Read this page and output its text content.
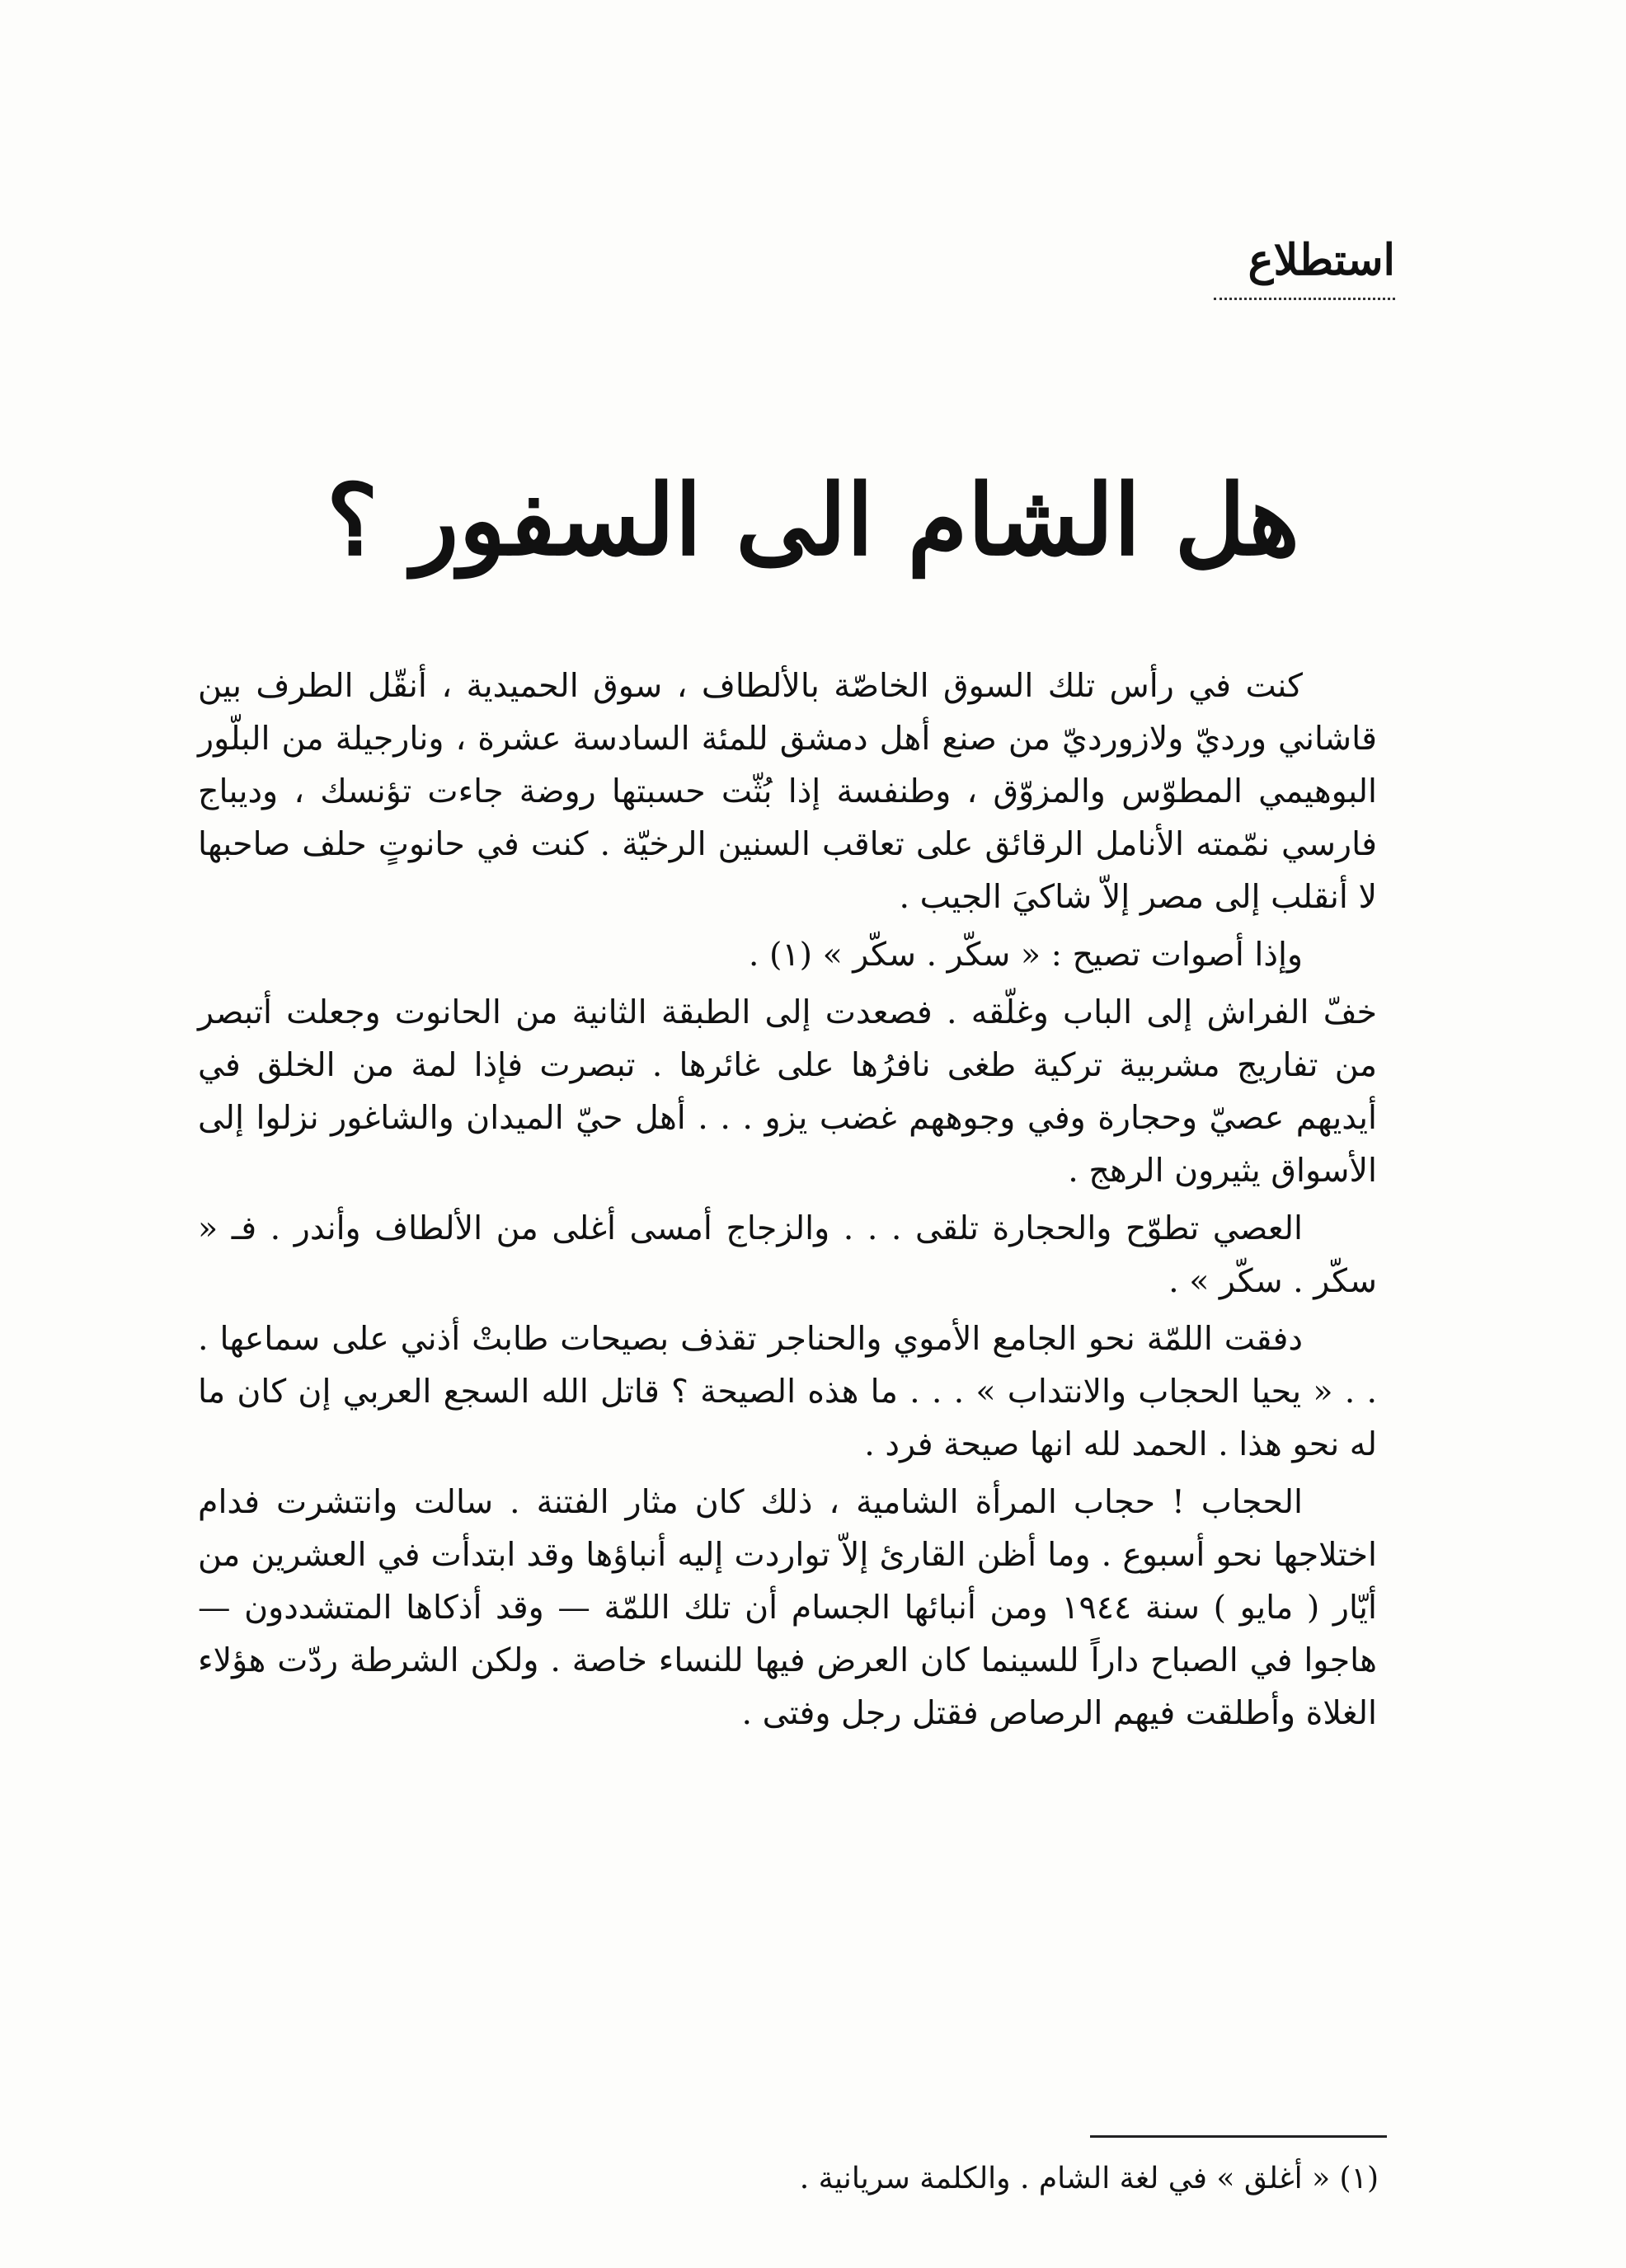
استطلاع
هل الشام الى السفور ؟

كنت في رأس تلك السوق الخاصّة بالألطاف ، سوق الحميدية ، أنقّل الطرف بين قاشاني ورديّ ولازورديّ من صنع أهل دمشق للمئة السادسة عشرة ، ونارجيلة من البلّور البوهيمي المطوّس والمزوّق ، وطنفسة إذا بُثّت حسبتها روضة جاءت تؤنسك ، وديباج فارسي نمّمته الأنامل الرقائق على تعاقب السنين الرخيّة . كنت في حانوتٍ حلف صاحبها لا أنقلب إلى مصر إلاّ شاكيَ الجيب .

وإذا أصوات تصيح : « سكّر . سكّر » (١) .

خفّ الفراش إلى الباب وغلّقه . فصعدت إلى الطبقة الثانية من الحانوت وجعلت أتبصر من تفاريج مشربية تركية طغى نافرُها على غائرها . تبصرت فإذا لمة من الخلق في أيديهم عصيّ وحجارة وفي وجوههم غضب يزو . . . أهل حيّ الميدان والشاغور نزلوا إلى الأسواق يثيرون الرهج .

العصي تطوّح والحجارة تلقى . . . والزجاج أمسى أغلى من الألطاف وأندر . فـ « سكّر . سكّر » .

دفقت اللمّة نحو الجامع الأموي والحناجر تقذف بصيحات طابتْ أذني على سماعها . . . « يحيا الحجاب والانتداب » . . . ما هذه الصيحة ؟ قاتل الله السجع العربي إن كان ما له نحو هذا . الحمد لله انها صيحة فرد .

الحجاب ! حجاب المرأة الشامية ، ذلك كان مثار الفتنة . سالت وانتشرت فدام اختلاجها نحو أسبوع . وما أظن القارئ إلاّ تواردت إليه أنباؤها وقد ابتدأت في العشرين من أيّار ( مايو ) سنة ١٩٤٤ ومن أنبائها الجسام أن تلك اللمّة — وقد أذكاها المتشددون — هاجوا في الصباح داراً للسينما كان العرض فيها للنساء خاصة . ولكن الشرطة ردّت هؤلاء الغلاة وأطلقت فيهم الرصاص فقتل رجل وفتى .

(١) « أغلق » في لغة الشام . والكلمة سريانية .
